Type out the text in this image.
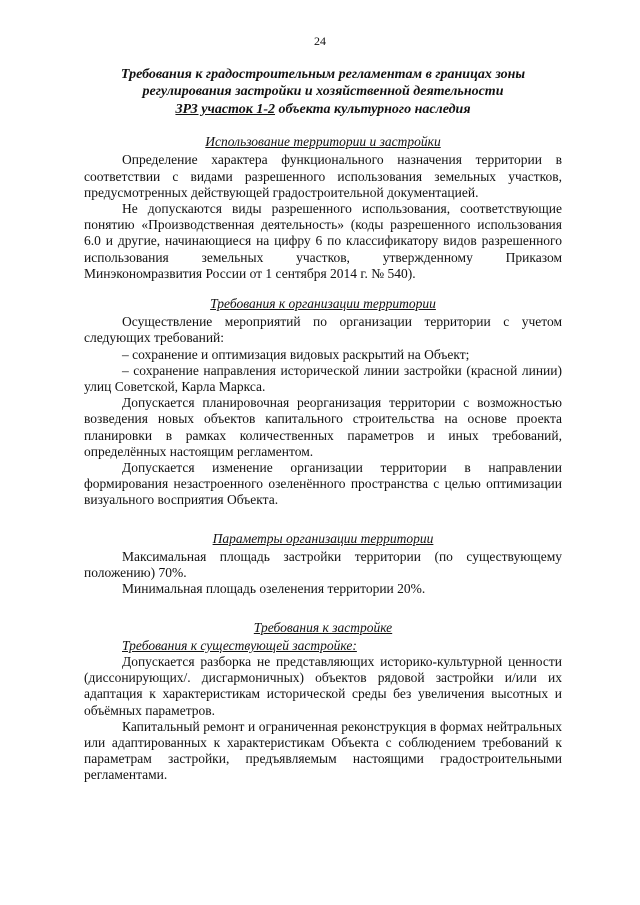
24
Требования к градостроительным регламентам в границах зоны
регулирования застройки и хозяйственной деятельности
ЗРЗ участок 1-2 объекта культурного наследия
Использование территории и застройки

Определение характера функционального назначения территории в соответствии с видами разрешенного использования земельных участков, предусмотренных действующей градостроительной документацией.

Не допускаются виды разрешенного использования, соответствующие понятию «Производственная деятельность» (коды разрешенного использования 6.0 и другие, начинающиеся на цифру 6 по классификатору видов разрешенного использования земельных участков, утвержденному Приказом Минэкономразвития России от 1 сентября 2014 г. № 540).

Требования к организации территории

Осуществление мероприятий по организации территории с учетом следующих требований:

– сохранение и оптимизация видовых раскрытий на Объект;

– сохранение направления исторической линии застройки (красной линии) улиц Советской, Карла Маркса.

Допускается планировочная реорганизация территории с возможностью возведения новых объектов капитального строительства на основе проекта планировки в рамках количественных параметров и иных требований, определённых настоящим регламентом.

Допускается изменение организации территории в направлении формирования незастроенного озеленённого пространства с целью оптимизации визуального восприятия Объекта.

Параметры организации территории

Максимальная площадь застройки территории (по существующему положению) 70%.

Минимальная площадь озеленения территории 20%.

Требования к застройке

Требования к существующей застройке:

Допускается разборка не представляющих историко-культурной ценности (диссонирующих/. дисгармоничных) объектов рядовой застройки и/или их адаптация к характеристикам исторической среды без увеличения высотных и объёмных параметров.

Капитальный ремонт и ограниченная реконструкция в формах нейтральных или адаптированных к характеристикам Объекта с соблюдением требований к параметрам застройки, предъявляемым настоящими градостроительными регламентами.
